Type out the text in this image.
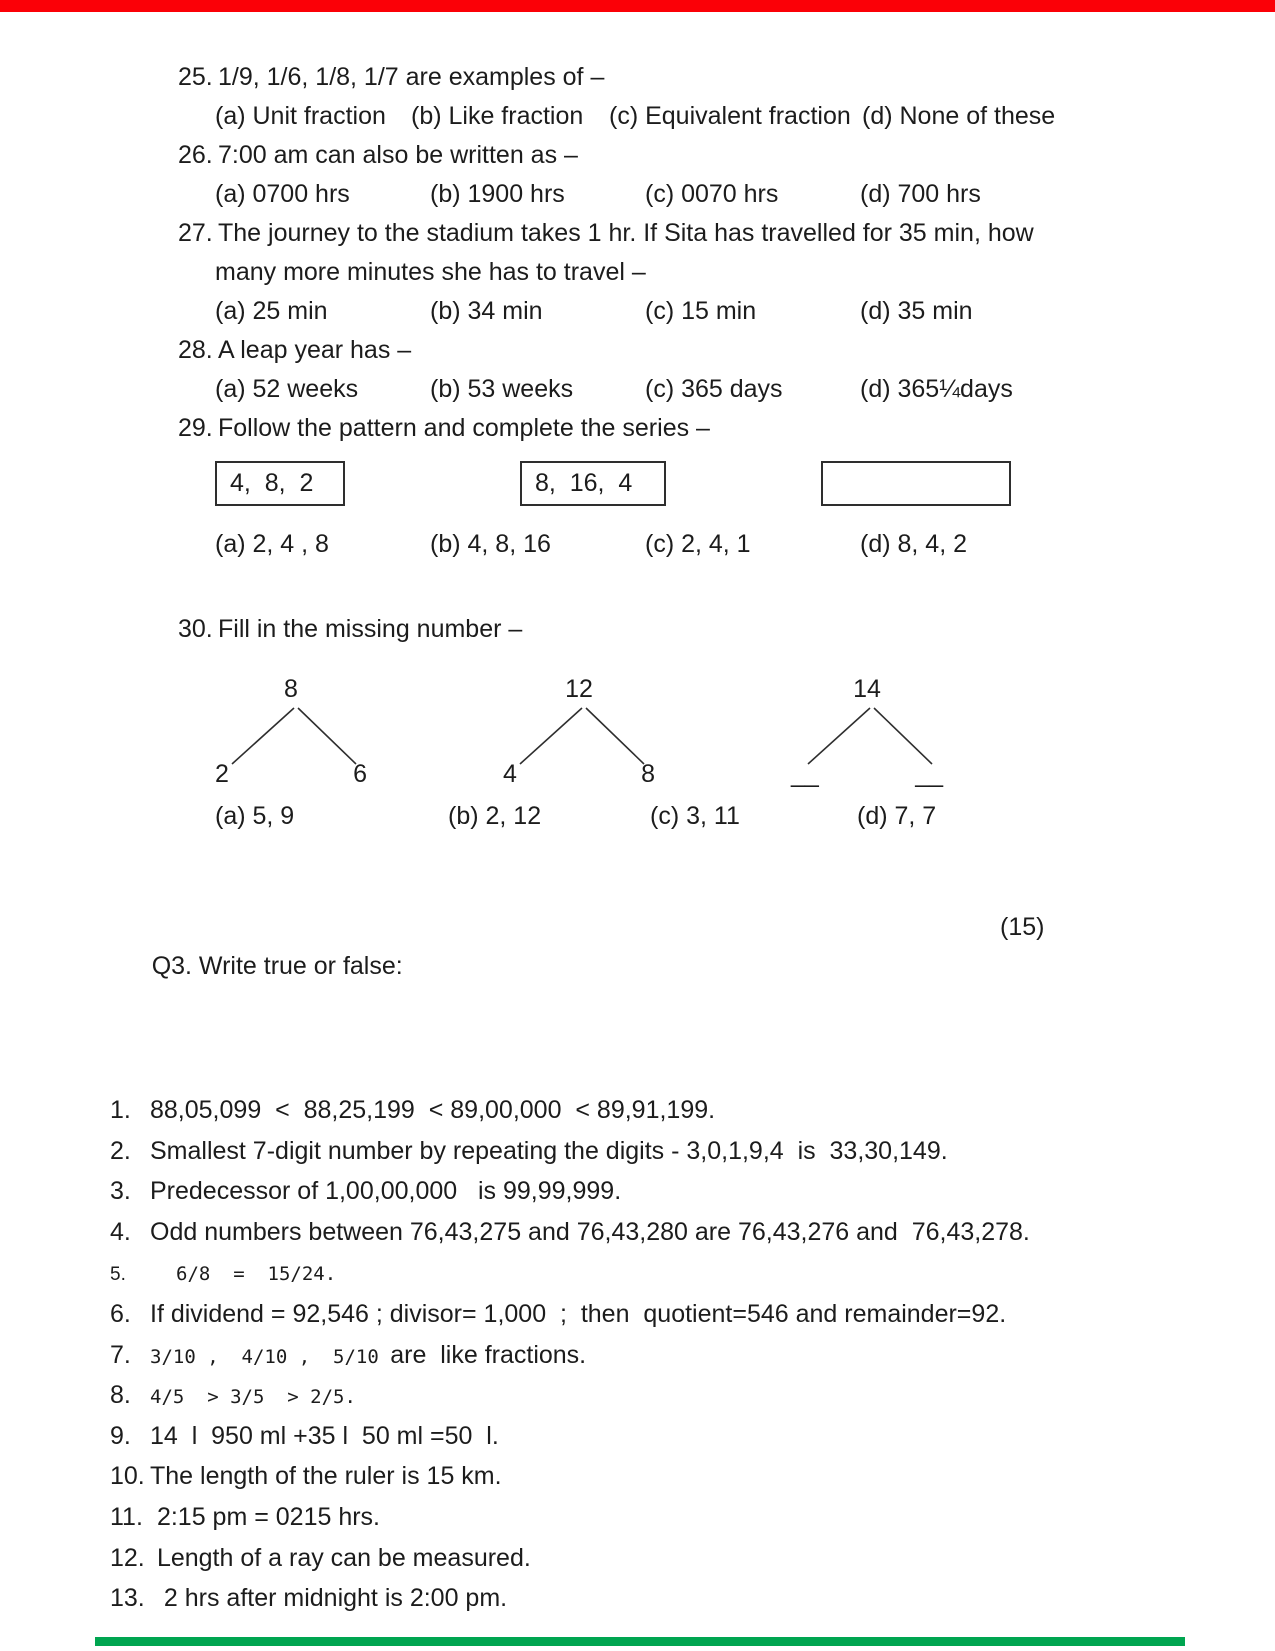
25. 1/9, 1/6, 1/8, 1/7 are examples of –
(a) Unit fraction	(b) Like fraction	(c) Equivalent fraction (d) None of these
26. 7:00 am can also be written as –
(a) 0700 hrs	(b) 1900 hrs	(c) 0070 hrs	(d) 700 hrs
27. The journey to the stadium takes 1 hr. If Sita has travelled for 35 min, how
many more minutes she has to travel –
(a) 25 min	(b) 34 min	(c) 15 min	(d) 35 min
28. A leap year has –
(a) 52 weeks	(b) 53 weeks	(c) 365 days	(d) 365¼days
29. Follow the pattern and complete the series –
4,  8,  2	8,  16,  4
(a) 2, 4 , 8	(b) 4, 8, 16	(c) 2, 4, 1	(d) 8, 4, 2
30. Fill in the missing number –
8
2	6
12
4	8
14
__	__
(a) 5, 9	(b) 2, 12	(c) 3, 11	(d) 7, 7

Q3. Write true or false:

(15)

1. 88,05,099  <  88,25,199  < 89,00,000  < 89,91,199.
2. Smallest 7-digit number by repeating the digits - 3,0,1,9,4  is  33,30,149.
3. Predecessor of 1,00,00,000   is 99,99,999.
4. Odd numbers between 76,43,275 and 76,43,280 are 76,43,276 and  76,43,278.
5.	6/8  =  15/24.
6. If dividend = 92,546 ; divisor= 1,000  ;  then  quotient=546 and remainder=92.
7. 3/10 ,  4/10 ,  5/10 are  like fractions.
8. 4/5  > 3/5  > 2/5.
9. 14  l  950 ml +35 l  50 ml =50  l.
10. The length of the ruler is 15 km.
11. 2:15 pm = 0215 hrs.
12. Length of a ray can be measured.
13.  2 hrs after midnight is 2:00 pm.
